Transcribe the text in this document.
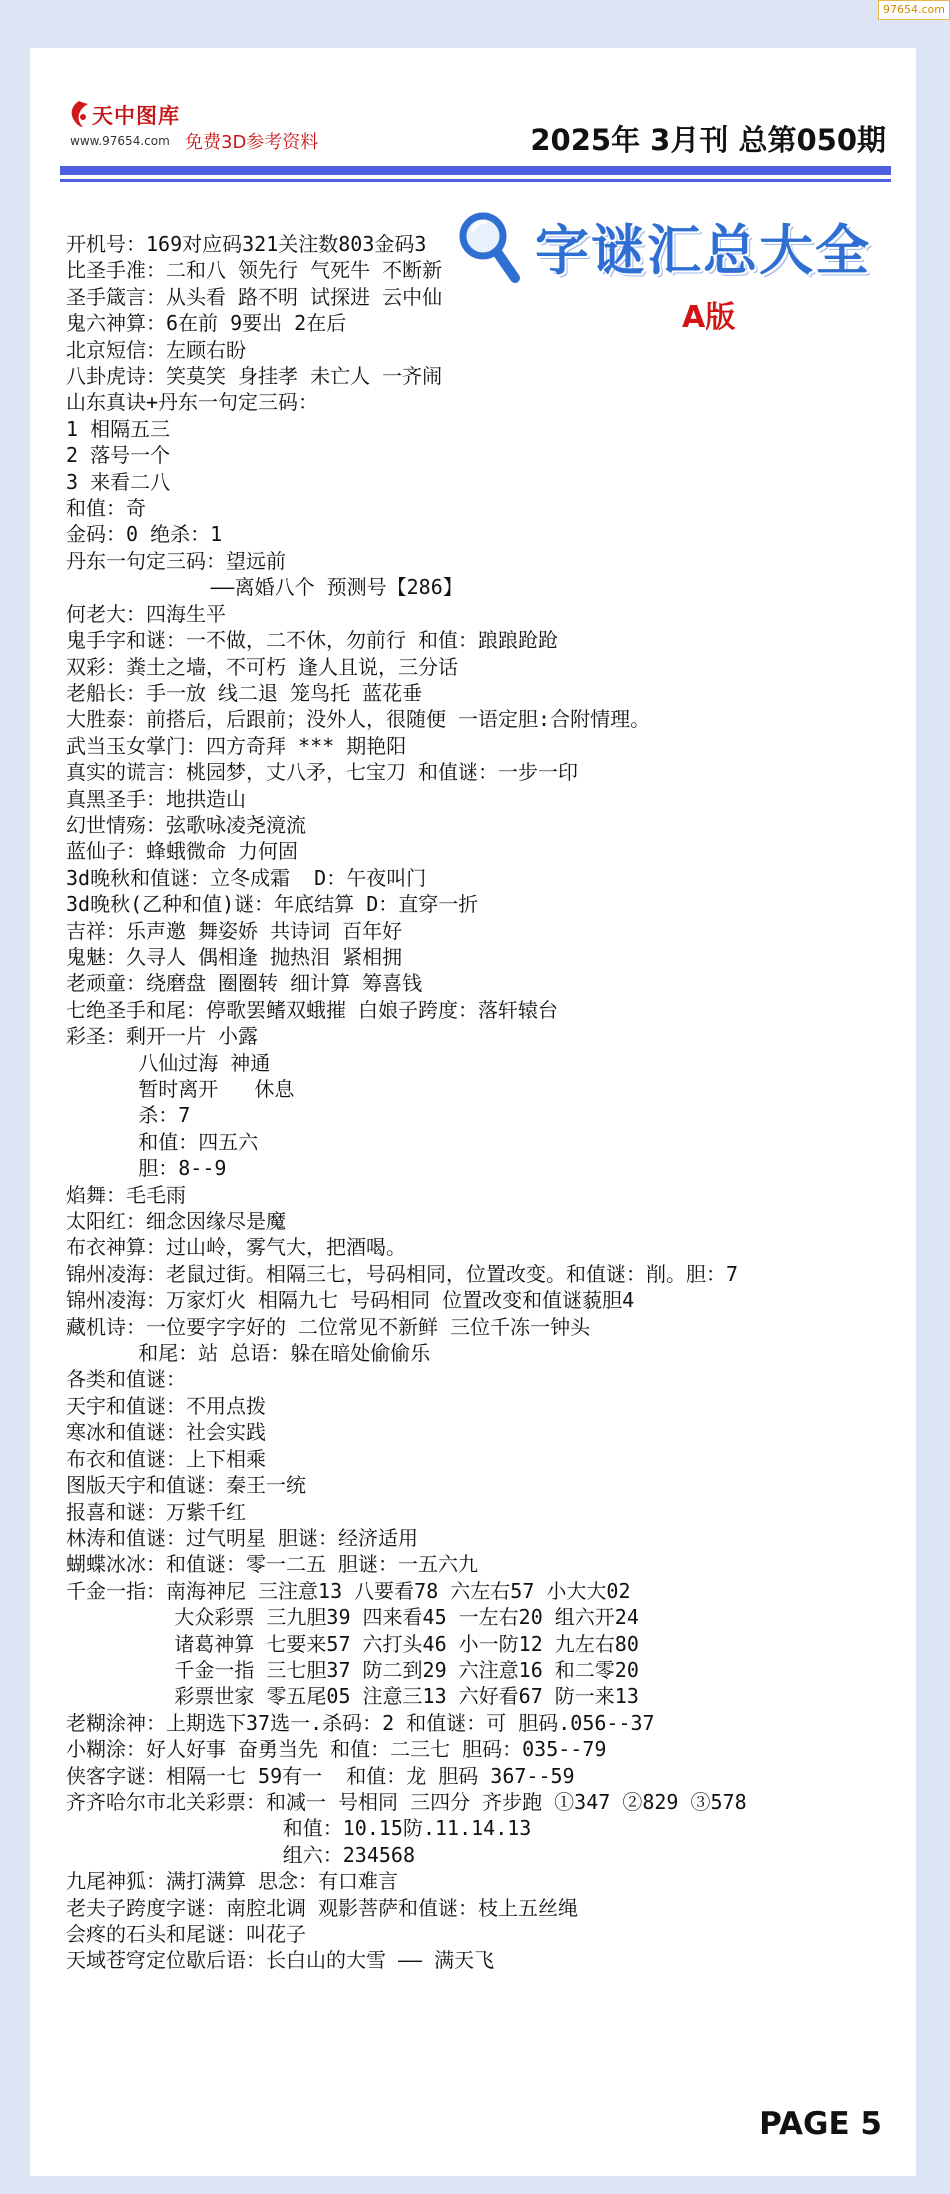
97654.com
天中图库
www.97654.com 免费3D参考资料	2025年 3月刊 总第050期
字谜汇总大全
A版
开机号：169对应码321关注数803金码3
比圣手准：二和八 领先行 气死牛 不断新
圣手箴言：从头看 路不明 试探进 云中仙
鬼六神算：6在前 9要出 2在后
北京短信：左顾右盼
八卦虎诗：笑莫笑 身挂孝 未亡人 一齐闹
山东真诀+丹东一句定三码：
1 相隔五三
2 落号一个
3 来看二八
和值：奇
金码：0 绝杀：1
丹东一句定三码：望远前
——离婚八个 预测号【286】
何老大：四海生平
鬼手字和谜：一不做，二不休，勿前行 和值：踉踉跄跄
双彩：粪土之墙，不可朽 逢人且说，三分话
老船长：手一放 线二退 笼鸟托 蓝花垂
大胜泰：前搭后，后跟前；没外人，很随便 一语定胆:合附情理。
武当玉女掌门：四方奇拜 *** 期艳阳
真实的谎言：桃园梦，丈八矛，七宝刀 和值谜：一步一印
真黑圣手：地拱造山
幻世情殇：弦歌咏凌尧滰流
蓝仙子：蜂蛾微命 力何固
3d晚秋和值谜：立冬成霜  D：午夜叫门
3d晚秋(乙种和值)谜：年底结算 D：直穿一折
吉祥：乐声邀 舞姿娇 共诗词 百年好
鬼魅：久寻人 偶相逢 抛热泪 紧相拥
老顽童：绕磨盘 圈圈转 细计算 筹喜钱
七绝圣手和尾：停歌罢鳍双蛾摧 白娘子跨度：落轩辕台
彩圣：剩开一片 小露
八仙过海 神通
暂时离开   休息
杀：7
和值：四五六
胆：8--9
焰舞：毛毛雨
太阳红：细念因缘尽是魔
布衣神算：过山岭，雾气大，把酒喝。
锦州凌海：老鼠过街。相隔三七，号码相同，位置改变。和值谜：削。胆：7
锦州凌海：万家灯火 相隔九七 号码相同 位置改变和值谜藐胆4
藏机诗：一位要字字好的 二位常见不新鲜 三位千冻一钟头
和尾：站 总语：躲在暗处偷偷乐
各类和值谜：
天宇和值谜：不用点拨
寒冰和值谜：社会实践
布衣和值谜：上下相乘
图版天宇和值谜：秦王一统
报喜和谜：万紫千红
林涛和值谜：过气明星 胆谜：经济适用
蝴蝶冰冰：和值谜：零一二五 胆谜：一五六九
千金一指：南海神尼 三注意13 八要看78 六左右57 小大大02
大众彩票 三九胆39 四来看45 一左右20 组六开24
诸葛神算 七要来57 六打头46 小一防12 九左右80
千金一指 三七胆37 防二到29 六注意16 和二零20
彩票世家 零五尾05 注意三13 六好看67 防一来13
老糊涂神：上期选下37选一.杀码：2 和值谜：可 胆码.056--37
小糊涂：好人好事 奋勇当先 和值：二三七 胆码：035--79
侠客字谜：相隔一七 59有一  和值：龙 胆码 367--59
齐齐哈尔市北关彩票：和减一 号相同 三四分 齐步跑 ①347 ②829 ③578
和值：10.15防.11.14.13
组六：234568
九尾神狐：满打满算 思念：有口难言
老夫子跨度字谜：南腔北调 观影菩萨和值谜：枝上五丝绳
会疼的石头和尾谜：叫花子
天域苍穹定位歇后语：长白山的大雪 —— 满天飞
PAGE 5
